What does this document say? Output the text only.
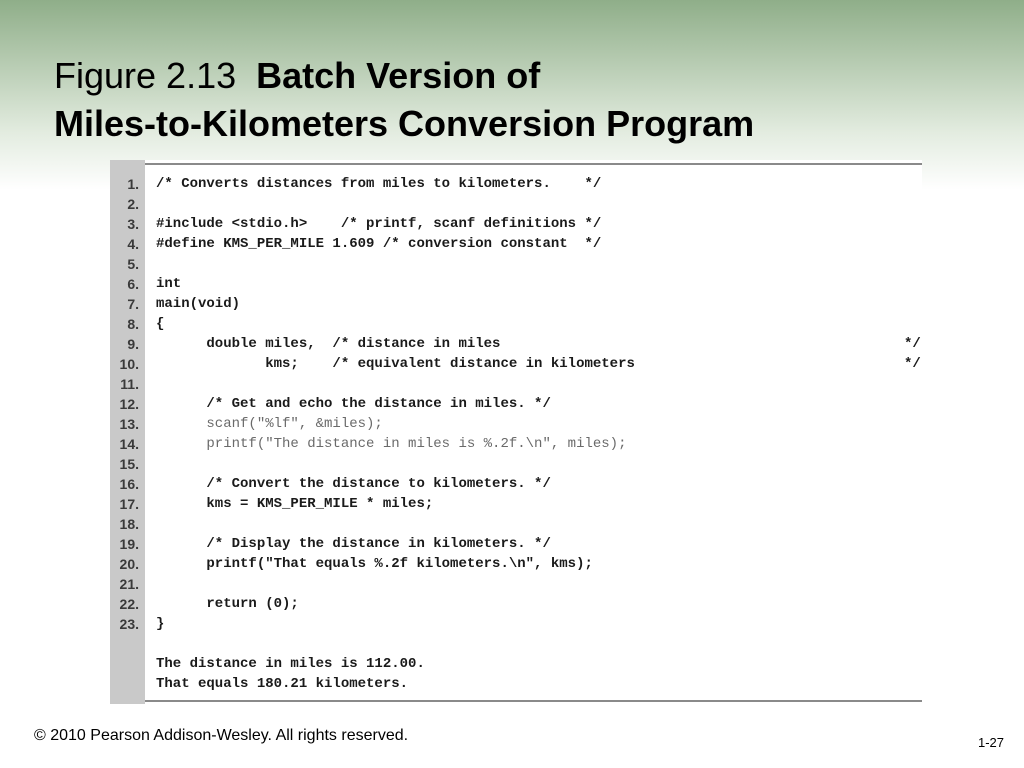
Figure 2.13 Batch Version of
Miles-to-Kilometers Conversion Program
1.
2.
3.
4.
5.
6.
7.
8.
9.
10.
11.
12.
13.
14.
15.
16.
17.
18.
19.
20.
21.
22.
23.
/* Converts distances from miles to kilometers.    */
#include <stdio.h>    /* printf, scanf definitions */
#define KMS_PER_MILE 1.609 /* conversion constant  */
int
main(void)
{
double miles,  /* distance in miles	*/
kms;    /* equivalent distance in kilometers	*/
/* Get and echo the distance in miles. */
scanf("%lf", &miles);
printf("The distance in miles is %.2f.\n", miles);
/* Convert the distance to kilometers. */
kms = KMS_PER_MILE * miles;
/* Display the distance in kilometers. */
printf("That equals %.2f kilometers.\n", kms);
return (0);
}
The distance in miles is 112.00.
That equals 180.21 kilometers.
© 2010 Pearson Addison-Wesley. All rights reserved.	1-27
